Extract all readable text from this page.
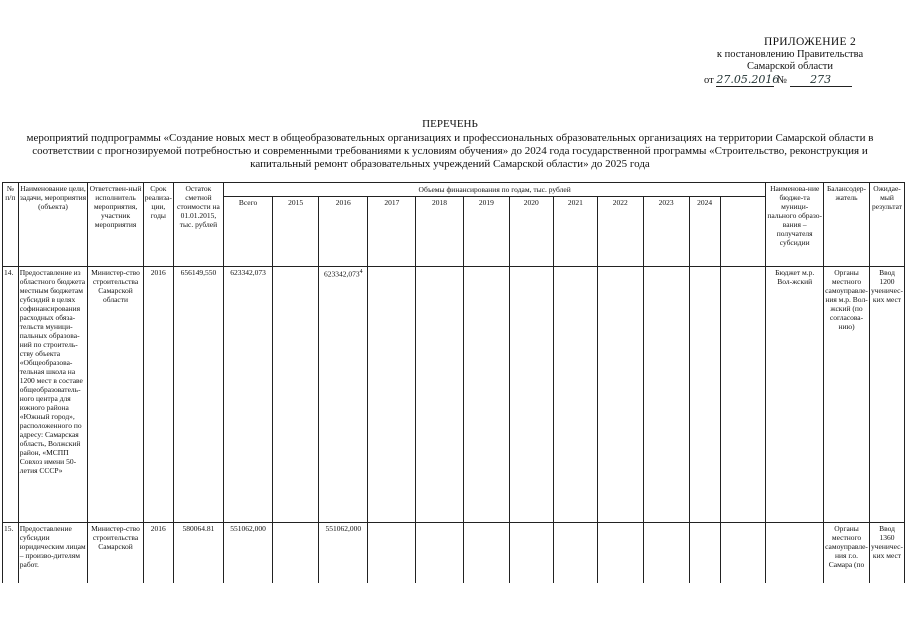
ПРИЛОЖЕНИЕ 2
к постановлению Правительства
Самарской области
от 27.05.2016 № 273
ПЕРЕЧЕНЬ
мероприятий подпрограммы «Создание новых мест в общеобразовательных организациях и профессиональных образовательных организациях на территории Самарской области в
соответствии с прогнозируемой потребностью и современными требованиями к условиям обучения» до 2024 года государственной программы «Строительство, реконструкция и
капитальный ремонт образовательных учреждений Самарской области» до 2025 года
№ п/п	Наименование цели, задачи, мероприятия (объекта)	Ответствен-ный исполнитель мероприятия, участник мероприятия	Срок реализа-ции, годы	Остаток сметной стоимости на 01.01.2015, тыс. рублей	Объемы финансирования по годам, тыс. рублей												Наименова-ние бюдже-та муници-пального образо-вания – получателя субсидии	Балансодер-жатель	Ожидае-мый результат
					Всего	2015	2016	2017	2018	2019	2020	2021	2022	2023	2024				
14.	Предоставление из областного бюджета местным бюджетам субсидий в целях софинансирования расходных обяза-тельств муници-пальных образова-ний по строитель-ству объекта «Общеобразова-тельная школа на 1200 мест в составе общеобразователь-ного центра для южного района «Южный город», расположенного по адресу: Самарская область, Волжский район, «МСПП Совхоз имени 50-летия СССР»	Министер-ство строительства Самарской области	2016	656149,550	623342,073		623342,073$^4$										Бюджет м.р. Вол-жский	Органы местного самоуправле-ния м.р. Вол-жский (по согласова-нию)	Ввод 1200 ученичес-ких мест
15.	Предоставление субсидии юридическим лицам – произво-дителям работ.	Министер-ство строительства Самарской	2016	580064.81	551062,000		551062,000											Органы местного самоуправле-ния г.о. Самара (по	Ввод 1360 ученичес-ких мест
